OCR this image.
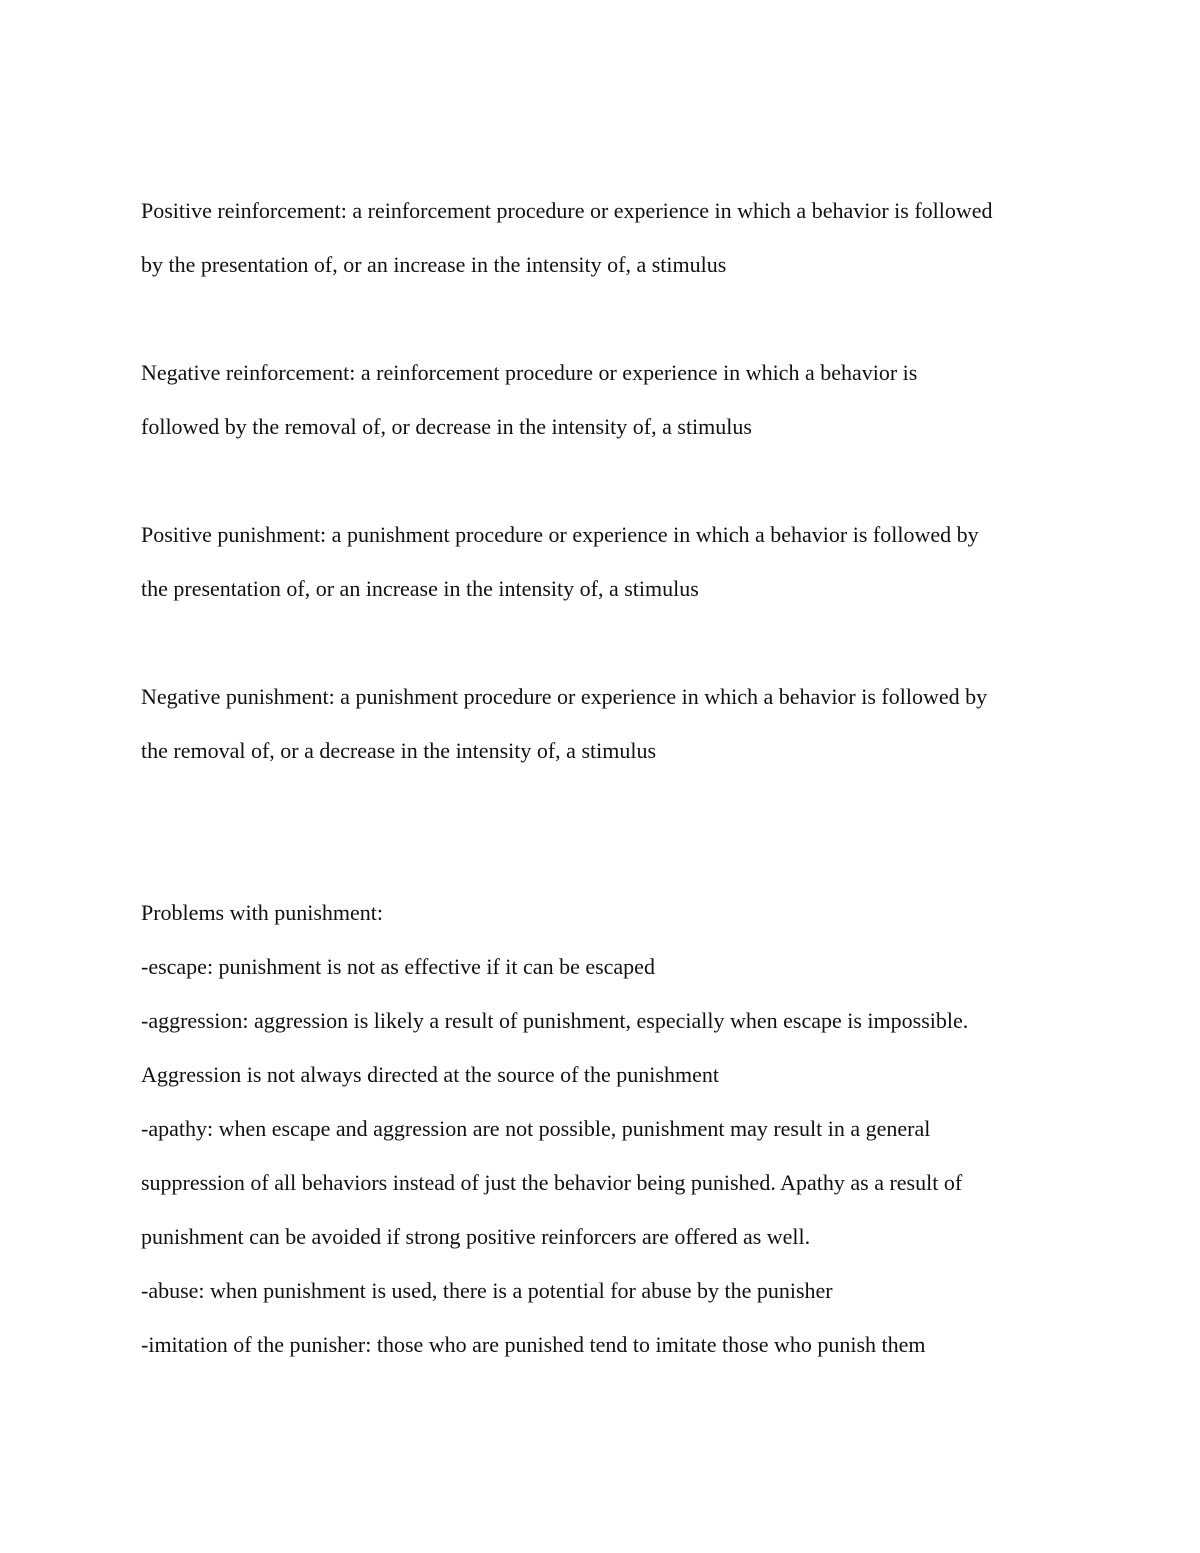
Positive reinforcement: a reinforcement procedure or experience in which a behavior is followed
by the presentation of, or an increase in the intensity of, a stimulus
Negative reinforcement: a reinforcement procedure or experience in which a behavior is
followed by the removal of, or decrease in the intensity of, a stimulus
Positive punishment: a punishment procedure or experience in which a behavior is followed by
the presentation of, or an increase in the intensity of, a stimulus
Negative punishment: a punishment procedure or experience in which a behavior is followed by
the removal of, or a decrease in the intensity of, a stimulus
Problems with punishment:
-escape: punishment is not as effective if it can be escaped
-aggression: aggression is likely a result of punishment, especially when escape is impossible.
Aggression is not always directed at the source of the punishment
-apathy: when escape and aggression are not possible, punishment may result in a general
suppression of all behaviors instead of just the behavior being punished. Apathy as a result of
punishment can be avoided if strong positive reinforcers are offered as well.
-abuse: when punishment is used, there is a potential for abuse by the punisher
-imitation of the punisher: those who are punished tend to imitate those who punish them
